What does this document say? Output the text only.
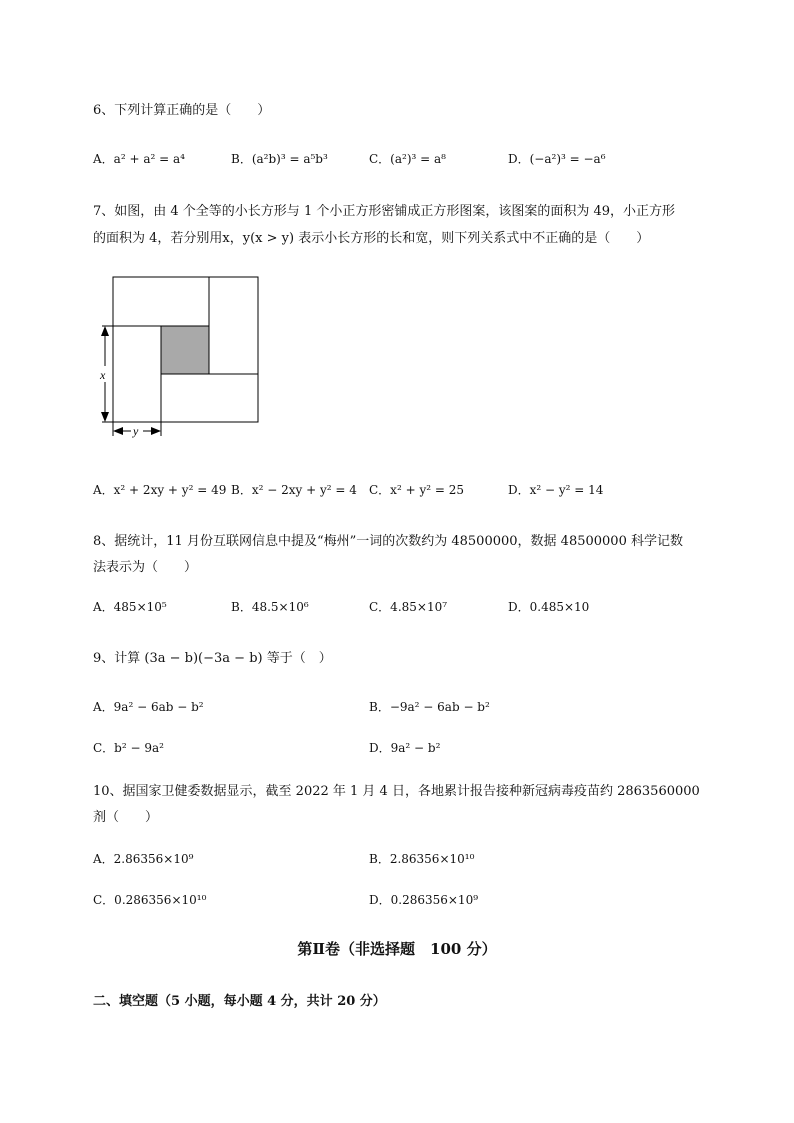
6、下列计算正确的是（　　）
A．a² + a² = a⁴	B．(a²b)³ = a⁵b³	C．(a²)³ = a⁸	D．(−a²)³ = −a⁶
7、如图，由 4 个全等的小长方形与 1 个小正方形密铺成正方形图案，该图案的面积为 49，小正方形
的面积为 4，若分别用x，y(x > y) 表示小长方形的长和宽，则下列关系式中不正确的是（　　）
x
y
A．x² + 2xy + y² = 49 B．x² − 2xy + y² = 4 C．x² + y² = 25	D．x² − y² = 14
8、据统计，11 月份互联网信息中提及“梅州”一词的次数约为 48500000，数据 48500000 科学记数
法表示为（　　）
A．485×10⁵	B．48.5×10⁶	C．4.85×10⁷	D．0.485×10
9、计算 (3a − b)(−3a − b) 等于（　）
A．9a² − 6ab − b²	B．−9a² − 6ab − b²
C．b² − 9a²	D．9a² − b²
10、据国家卫健委数据显示，截至 2022 年 1 月 4 日，各地累计报告接种新冠病毒疫苗约 2863560000
剂（　　）
A．2.86356×10⁹	B．2.86356×10¹⁰
C．0.286356×10¹⁰	D．0.286356×10⁹
第Ⅱ卷（非选择题　100 分）
二、填空题（5 小题，每小题 4 分，共计 20 分）
